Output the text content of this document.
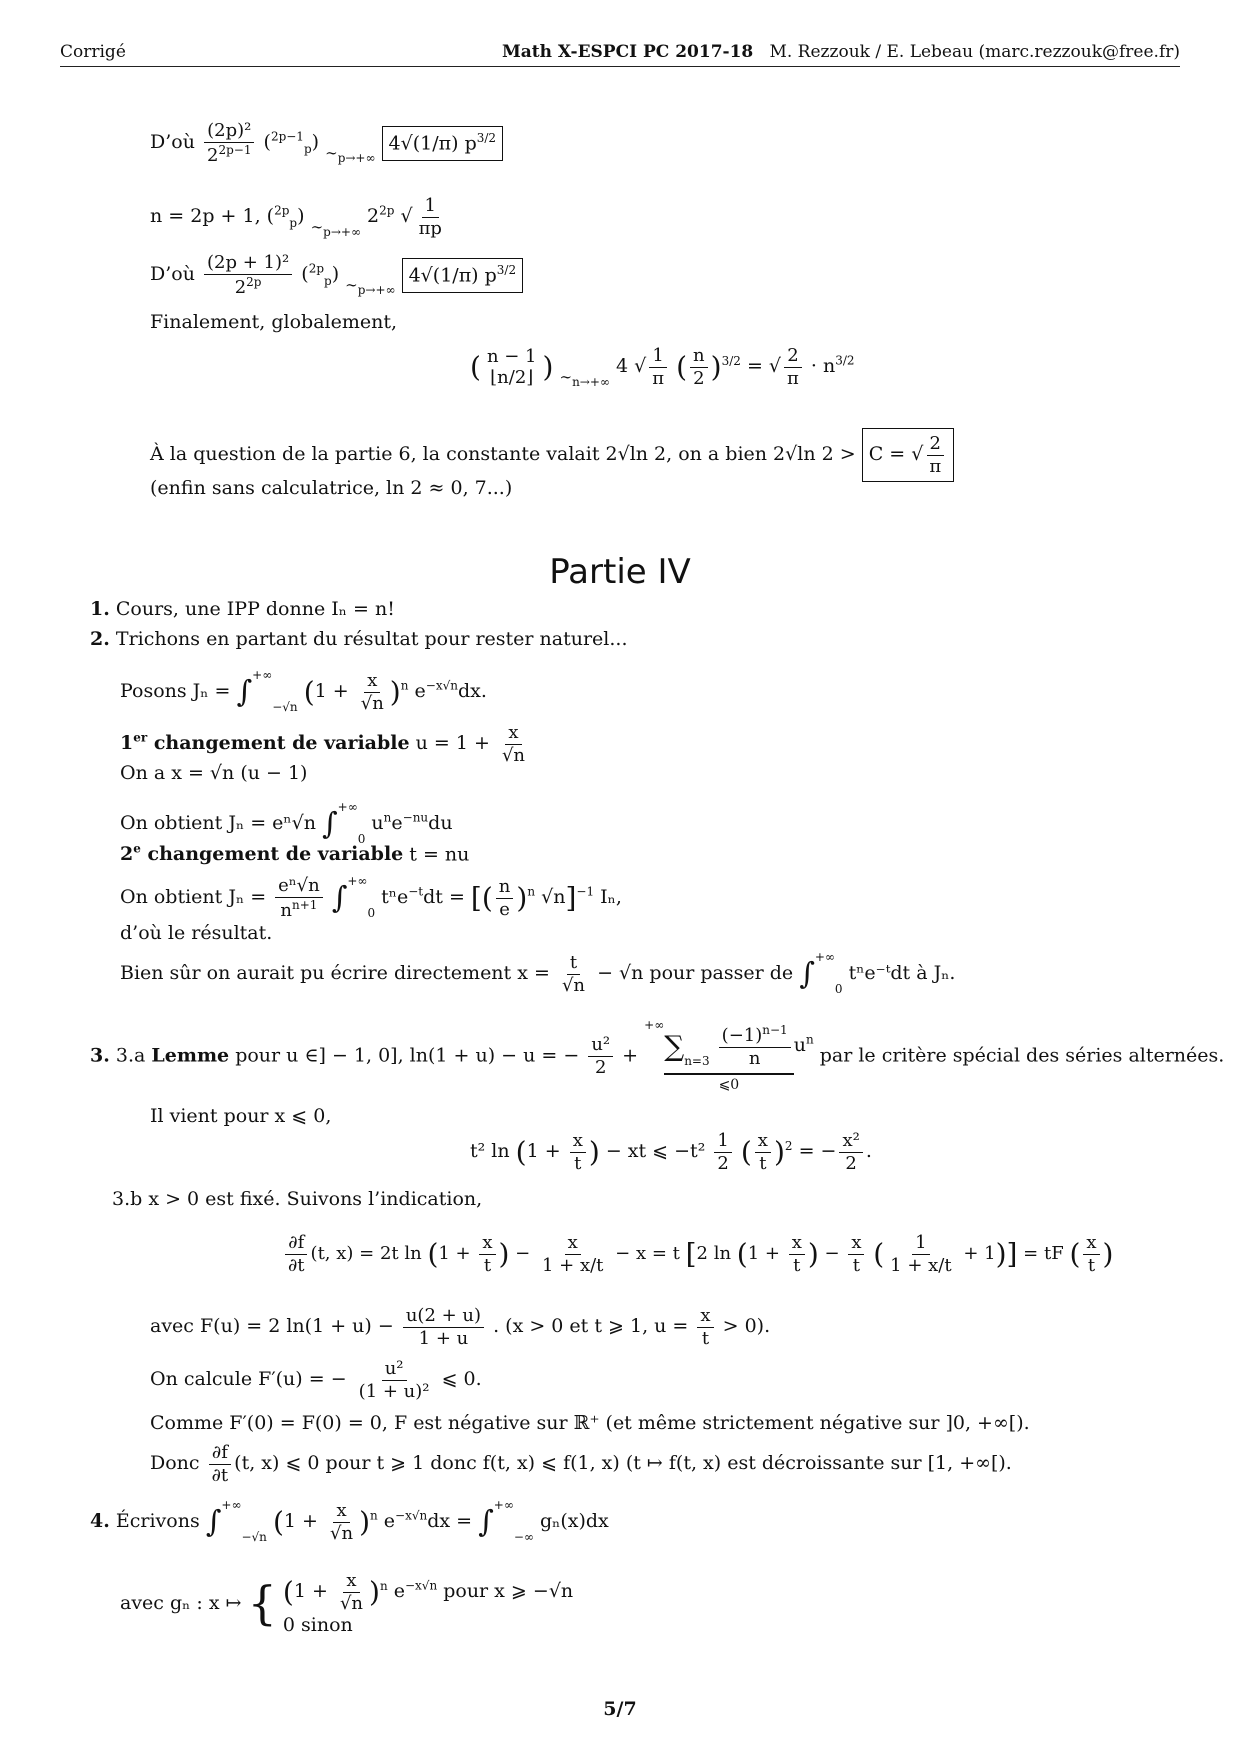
Corrigé	Math X-ESPCI PC 2017-18 M. Rezzouk / E. Lebeau (marc.rezzouk@free.fr)
D’où $\frac{\text{(2p)²}}{2^{2p-1}} (^{2p-1}_p)$ $_{\sim_{p\to+\infty}}$ 4√(1/π) $p^{3/2}$
n = 2p + 1, ($^{2p}_p$) $_{\sim_{p\to+\infty}}$ $2^{2p}$ √ $\frac{1}{\pi p}$
D’où $\frac{\text{(2p + 1)²}}{2^{2p}} (^{2p}_p)$ $_{\sim_{p\to+\infty}}$ 4√(1/π) $p^{3/2}$
Finalement, globalement,
( n − 1
⌊n/2⌋ ) $_{\sim_{n\to+\infty}}$ 4 √ $\frac{1}{\pi}$ ( $\frac{n}{2} )^{3/2}$ = √ $\frac{2}{\pi} \cdot n^{3/2}$
À la question de la partie 6, la constante valait 2√ln 2, on a bien 2√ln 2 > C = √ $\frac{2}{\pi}$
(enfin sans calculatrice, ln 2 ≈ 0, 7...)
Partie IV
1. Cours, une IPP donne Iₙ = n!
2. Trichons en partant du résultat pour rester naturel...
Posons $J_n = \int^{+\infty}_{-√n}$ $(1 + \frac{x}{√n} )^n$ $e^{-x√n}dx$.
1er changement de variable $u = 1 + \frac{x}{√n}$
On a x = √n (u − 1)
On obtient Jₙ = eⁿ√n $\int^{+\infty}_0$ $u^ne^{-nu}du$
2e changement de variable t = nu
On obtient $J_n = \frac{\text{eⁿ√n}}{n^{n+1}} \int^{+\infty}_0$ tⁿe$^{-t}$dt = [( $\frac{n}{e} )^n$ √n]$^{-1}$ Iₙ,
d’où le résultat.
Bien sûr on aurait pu écrire directement $x = \frac{t}{√n} - √n$ pour passer de $\int^{+\infty}_0$ tⁿe⁻ᵗdt à Jₙ.
3. 3.a Lemme pour u ∈] − 1, 0], ln(1 + u) − u = − $\frac{\text{u²}}{2}$ +
$^{+\infty}\sum_{n=3} \frac{(-1)^{n-1}}{n} u^n$
⩽0
par le critère spécial des séries alternées.
Il vient pour x ⩽ 0,
t² $\ln (1 + \frac{x}{t}$ ) − xt ⩽ $-t^2 \frac{1}{2}$ ( $\frac{x}{t} )^2$ = − $\frac{\text{x²}}{2}$ .
3.b x > 0 est fixé. Suivons l’indication,
$\frac{\partial f}{\partial t} (t$, x) = 2t $\ln (1 + \frac{x}{t}$ ) − $\frac{x}{1 + x/t} - x = t$ [2 $\ln (1 + \frac{x}{t}$ ) − $\frac{x}{t}$ ( $\frac{1}{1 + x/t} + 1$)] = tF ( $\frac{x}{t}$ )
avec F(u) = 2 $\ln(1 + u) - \frac{u(2 + u)}{1 + u}$ . (x > 0 et t ⩾ 1, $u = \frac{x}{t} > 0$).
On calcule F′(u) = − $\frac{\text{u²}}{\text{(1 + u)²}}$ ⩽ 0.
Comme F′(0) = F(0) = 0, F est négative sur ℝ⁺ (et même strictement négative sur ]0, +∞[).
Donc $\frac{\partial f}{\partial t} (t$, x) ⩽ 0 pour t ⩾ 1 donc f(t, x) ⩽ f(1, x) (t ↦ f(t, x) est décroissante sur [1, +∞[).
4. Écrivons $\int^{+\infty}_{-√n}$ $(1 + \frac{x}{√n} )^n$ $e^{-x√n}dx = \int^{+\infty}_{-\infty}$ gₙ(x)dx
avec gₙ : x ↦ { $(1 + \frac{x}{√n} )^n$ $e^{-x√n}$ pour x ⩾ −√n
0 sinon
5/7
